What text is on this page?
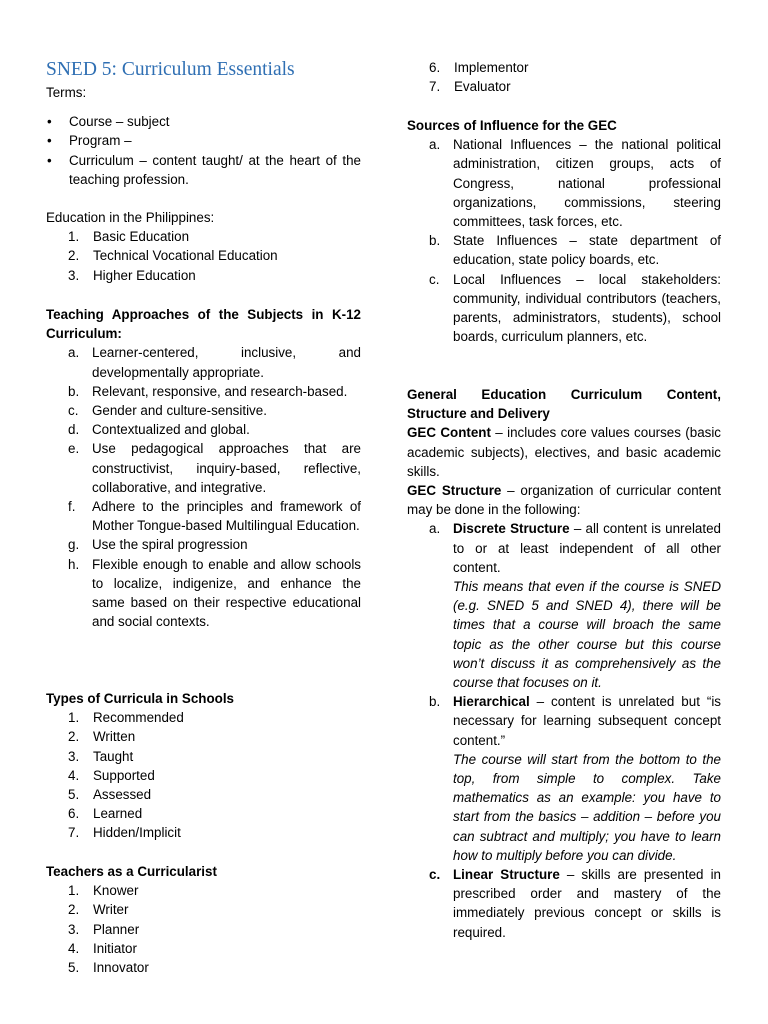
SNED 5: Curriculum Essentials

Terms:

• Course – subject
• Program –
• Curriculum – content taught/ at the heart of the teaching profession.

Education in the Philippines:

1. Basic Education
2. Technical Vocational Education
3. Higher Education

Teaching Approaches of the Subjects in K-12 Curriculum:

a. Learner-centered, inclusive, and developmentally appropriate.
b. Relevant, responsive, and research-based.
c. Gender and culture-sensitive.
d. Contextualized and global.
e. Use pedagogical approaches that are constructivist, inquiry-based, reflective, collaborative, and integrative.
f. Adhere to the principles and framework of Mother Tongue-based Multilingual Education.
g. Use the spiral progression
h. Flexible enough to enable and allow schools to localize, indigenize, and enhance the same based on their respective educational and social contexts.

Types of Curricula in Schools

1. Recommended
2. Written
3. Taught
4. Supported
5. Assessed
6. Learned
7. Hidden/Implicit

Teachers as a Curricularist

1. Knower
2. Writer
3. Planner
4. Initiator
5. Innovator
6. Implementor
7. Evaluator

Sources of Influence for the GEC

a. National Influences – the national political administration, citizen groups, acts of Congress, national professional organizations, commissions, steering committees, task forces, etc.
b. State Influences – state department of education, state policy boards, etc.
c. Local Influences – local stakeholders: community, individual contributors (teachers, parents, administrators, students), school boards, curriculum planners, etc.

General Education Curriculum Content, Structure and Delivery

GEC Content – includes core values courses (basic academic subjects), electives, and basic academic skills.

GEC Structure – organization of curricular content may be done in the following:

a. Discrete Structure – all content is unrelated to or at least independent of all other content.

This means that even if the course is SNED (e.g. SNED 5 and SNED 4), there will be times that a course will broach the same topic as the other course but this course won’t discuss it as comprehensively as the course that focuses on it.

b. Hierarchical – content is unrelated but “is necessary for learning subsequent concept content.”

The course will start from the bottom to the top, from simple to complex. Take mathematics as an example: you have to start from the basics – addition – before you can subtract and multiply; you have to learn how to multiply before you can divide.

c. Linear Structure – skills are presented in prescribed order and mastery of the immediately previous concept or skills is required.
